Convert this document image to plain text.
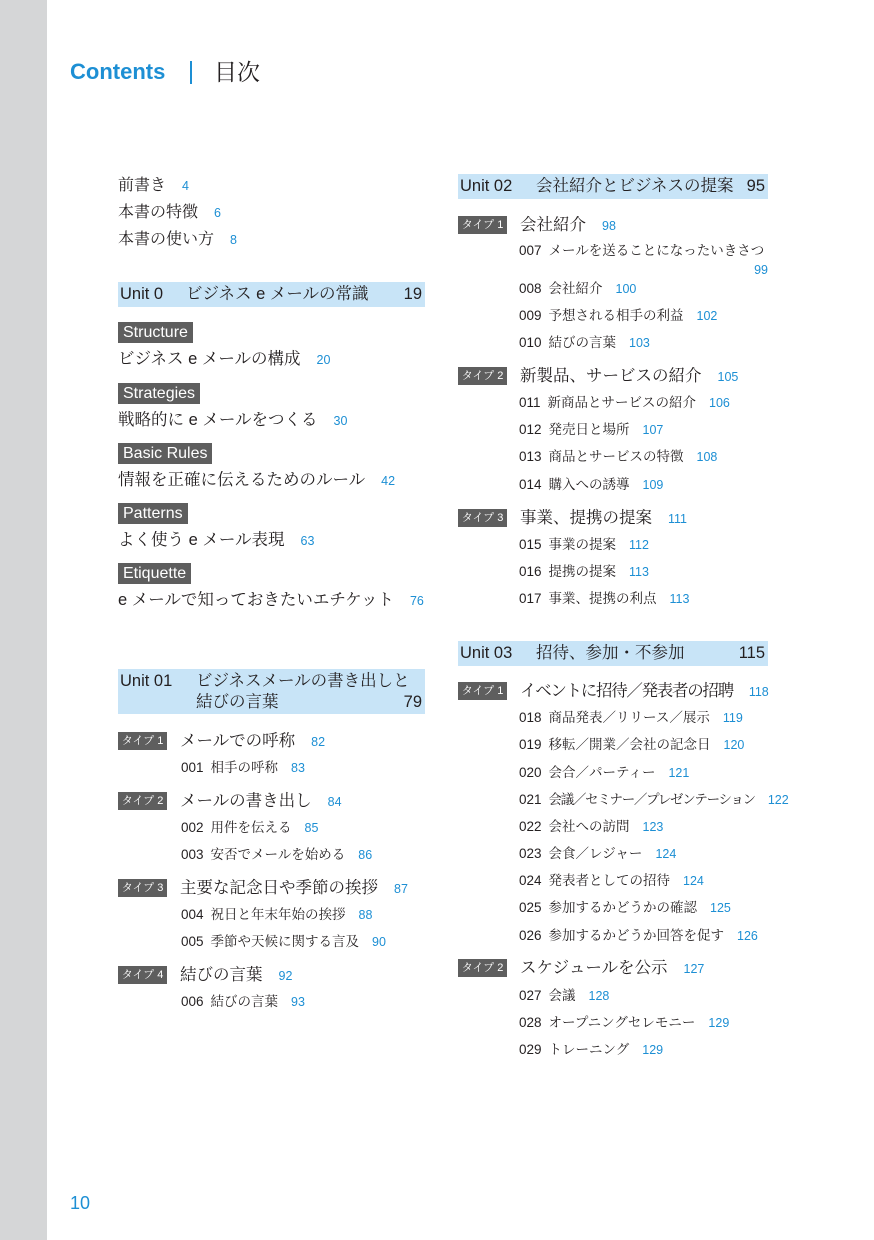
Contents 目次
前書き 4
本書の特徴 6
本書の使い方 8
Unit 0 ビジネス e メールの常識 19
Structure
ビジネス e メールの構成 20
Strategies
戦略的に e メールをつくる 30
Basic Rules
情報を正確に伝えるためのルール 42
Patterns
よく使う e メール表現 63
Etiquette
e メールで知っておきたいエチケット 76
Unit 01 ビジネスメールの書き出しと
結びの言葉	79
タイプ 1 メールでの呼称 82
001 相手の呼称 83
タイプ 2 メールの書き出し 84
002 用件を伝える 85
003 安否でメールを始める 86
タイプ 3 主要な記念日や季節の挨拶 87
004 祝日と年末年始の挨拶 88
005 季節や天候に関する言及 90
タイプ 4 結びの言葉 92
006 結びの言葉 93
Unit 02 会社紹介とビジネスの提案 95
タイプ 1 会社紹介 98
007 メールを送ることになったいきさつ
99
008 会社紹介 100
009 予想される相手の利益 102
010 結びの言葉 103
タイプ 2 新製品、サービスの紹介 105
011 新商品とサービスの紹介 106
012 発売日と場所 107
013 商品とサービスの特徴 108
014 購入への誘導 109
タイプ 3 事業、提携の提案 111
015 事業の提案 112
016 提携の提案 113
017 事業、提携の利点 113
Unit 03 招待、参加・不参加	115
タイプ 1 イベントに招待／発表者の招聘 118
018 商品発表／リリース／展示 119
019 移転／開業／会社の記念日 120
020 会合／パーティー 121
021 会議／セミナー／プレゼンテーション 122
022 会社への訪問 123
023 会食／レジャー 124
024 発表者としての招待 124
025 参加するかどうかの確認 125
026 参加するかどうか回答を促す 126
タイプ 2 スケジュールを公示 127
027 会議 128
028 オープニングセレモニー 129
029 トレーニング 129
10
